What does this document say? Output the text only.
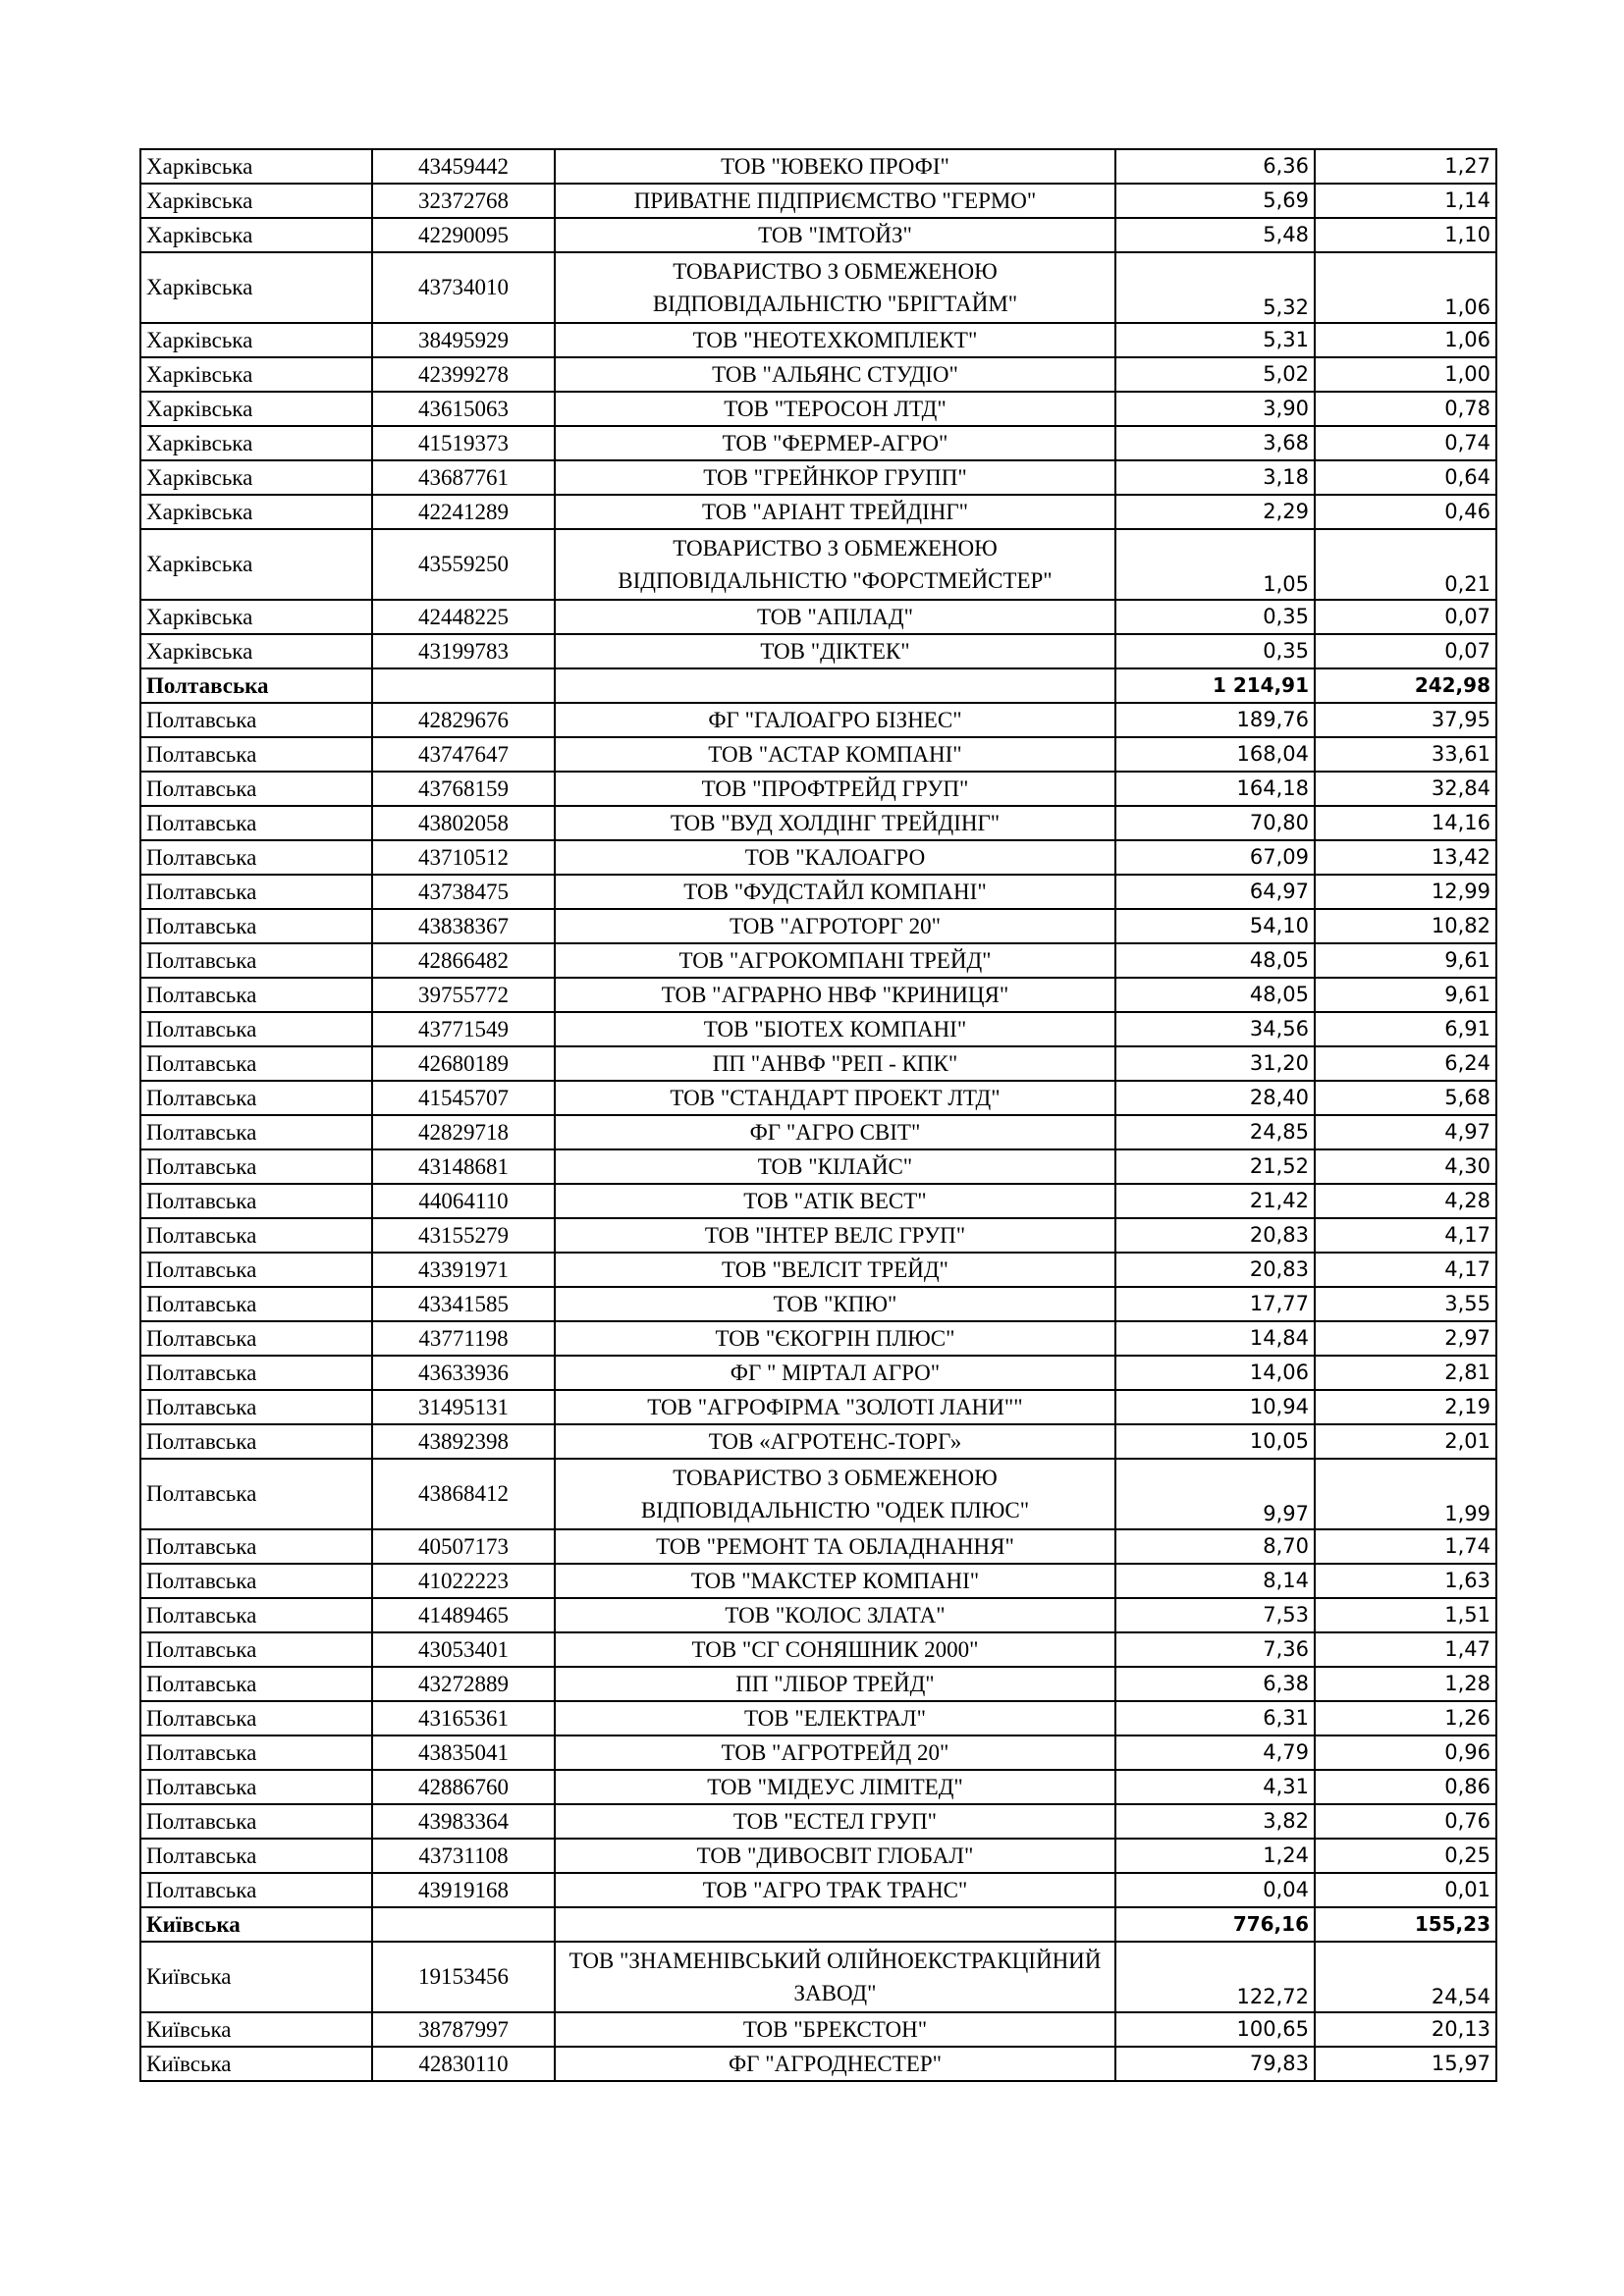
Харківська	43459442	ТОВ "ЮВЕКО ПРОФІ"	6,36	1,27
Харківська	32372768	ПРИВАТНЕ ПІДПРИЄМСТВО "ГЕРМО"	5,69	1,14
Харківська	42290095	ТОВ "ІМТОЙЗ"	5,48	1,10
Харківська	43734010	ТОВАРИСТВО З ОБМЕЖЕНОЮ ВІДПОВІДАЛЬНІСТЮ "БРІГТАЙМ"	5,32	1,06
Харківська	38495929	ТОВ "НЕОТЕХКОМПЛЕКТ"	5,31	1,06
Харківська	42399278	ТОВ "АЛЬЯНС СТУДІО"	5,02	1,00
Харківська	43615063	ТОВ "ТЕРОСОН ЛТД"	3,90	0,78
Харківська	41519373	ТОВ "ФЕРМЕР-АГРО"	3,68	0,74
Харківська	43687761	ТОВ "ГРЕЙНКОР ГРУПП"	3,18	0,64
Харківська	42241289	ТОВ "АРІАНТ ТРЕЙДІНГ"	2,29	0,46
Харківська	43559250	ТОВАРИСТВО З ОБМЕЖЕНОЮ ВІДПОВІДАЛЬНІСТЮ "ФОРСТМЕЙСТЕР"	1,05	0,21
Харківська	42448225	ТОВ "АПІЛАД"	0,35	0,07
Харківська	43199783	ТОВ "ДІКТЕК"	0,35	0,07
Полтавська			1 214,91	242,98
Полтавська	42829676	ФГ "ГАЛОАГРО БІЗНЕС"	189,76	37,95
Полтавська	43747647	ТОВ "АСТАР КОМПАНІ"	168,04	33,61
Полтавська	43768159	ТОВ "ПРОФТРЕЙД ГРУП"	164,18	32,84
Полтавська	43802058	ТОВ "ВУД ХОЛДІНГ ТРЕЙДІНГ"	70,80	14,16
Полтавська	43710512	ТОВ "КАЛОАГРО	67,09	13,42
Полтавська	43738475	ТОВ "ФУДСТАЙЛ КОМПАНІ"	64,97	12,99
Полтавська	43838367	ТОВ "АГРОТОРГ 20"	54,10	10,82
Полтавська	42866482	ТОВ "АГРОКОМПАНІ ТРЕЙД"	48,05	9,61
Полтавська	39755772	ТОВ "АГРАРНО НВФ "КРИНИЦЯ"	48,05	9,61
Полтавська	43771549	ТОВ "БІОТЕХ КОМПАНІ"	34,56	6,91
Полтавська	42680189	ПП "АНВФ "РЕП - КПК"	31,20	6,24
Полтавська	41545707	ТОВ "СТАНДАРТ ПРОЕКТ ЛТД"	28,40	5,68
Полтавська	42829718	ФГ "АГРО СВІТ"	24,85	4,97
Полтавська	43148681	ТОВ "КІЛАЙС"	21,52	4,30
Полтавська	44064110	ТОВ "АТІК ВЕСТ"	21,42	4,28
Полтавська	43155279	ТОВ "ІНТЕР ВЕЛС ГРУП"	20,83	4,17
Полтавська	43391971	ТОВ "ВЕЛСІТ ТРЕЙД"	20,83	4,17
Полтавська	43341585	ТОВ "КПЮ"	17,77	3,55
Полтавська	43771198	ТОВ "ЄКОГРІН ПЛЮС"	14,84	2,97
Полтавська	43633936	ФГ " МІРТАЛ АГРО"	14,06	2,81
Полтавська	31495131	ТОВ "АГРОФІРМА "ЗОЛОТІ ЛАНИ""	10,94	2,19
Полтавська	43892398	ТОВ «АГРОТЕНС-ТОРГ»	10,05	2,01
Полтавська	43868412	ТОВАРИСТВО З ОБМЕЖЕНОЮ ВІДПОВІДАЛЬНІСТЮ "ОДЕК ПЛЮС"	9,97	1,99
Полтавська	40507173	ТОВ "РЕМОНТ ТА ОБЛАДНАННЯ"	8,70	1,74
Полтавська	41022223	ТОВ "МАКСТЕР КОМПАНІ"	8,14	1,63
Полтавська	41489465	ТОВ "КОЛОС ЗЛАТА"	7,53	1,51
Полтавська	43053401	ТОВ "СГ СОНЯШНИК 2000"	7,36	1,47
Полтавська	43272889	ПП "ЛІБОР ТРЕЙД"	6,38	1,28
Полтавська	43165361	ТОВ "ЕЛЕКТРАЛ"	6,31	1,26
Полтавська	43835041	ТОВ "АГРОТРЕЙД 20"	4,79	0,96
Полтавська	42886760	ТОВ "МІДЕУС ЛІМІТЕД"	4,31	0,86
Полтавська	43983364	ТОВ "ЕСТЕЛ ГРУП"	3,82	0,76
Полтавська	43731108	ТОВ "ДИВОСВІТ ГЛОБАЛ"	1,24	0,25
Полтавська	43919168	ТОВ "АГРО ТРАК ТРАНС"	0,04	0,01
Київська			776,16	155,23
Київська	19153456	ТОВ "ЗНАМЕНІВСЬКИЙ ОЛІЙНОЕКСТРАКЦІЙНИЙ ЗАВОД"	122,72	24,54
Київська	38787997	ТОВ "БРЕКСТОН"	100,65	20,13
Київська	42830110	ФГ "АГРОДНЕСТЕР"	79,83	15,97
